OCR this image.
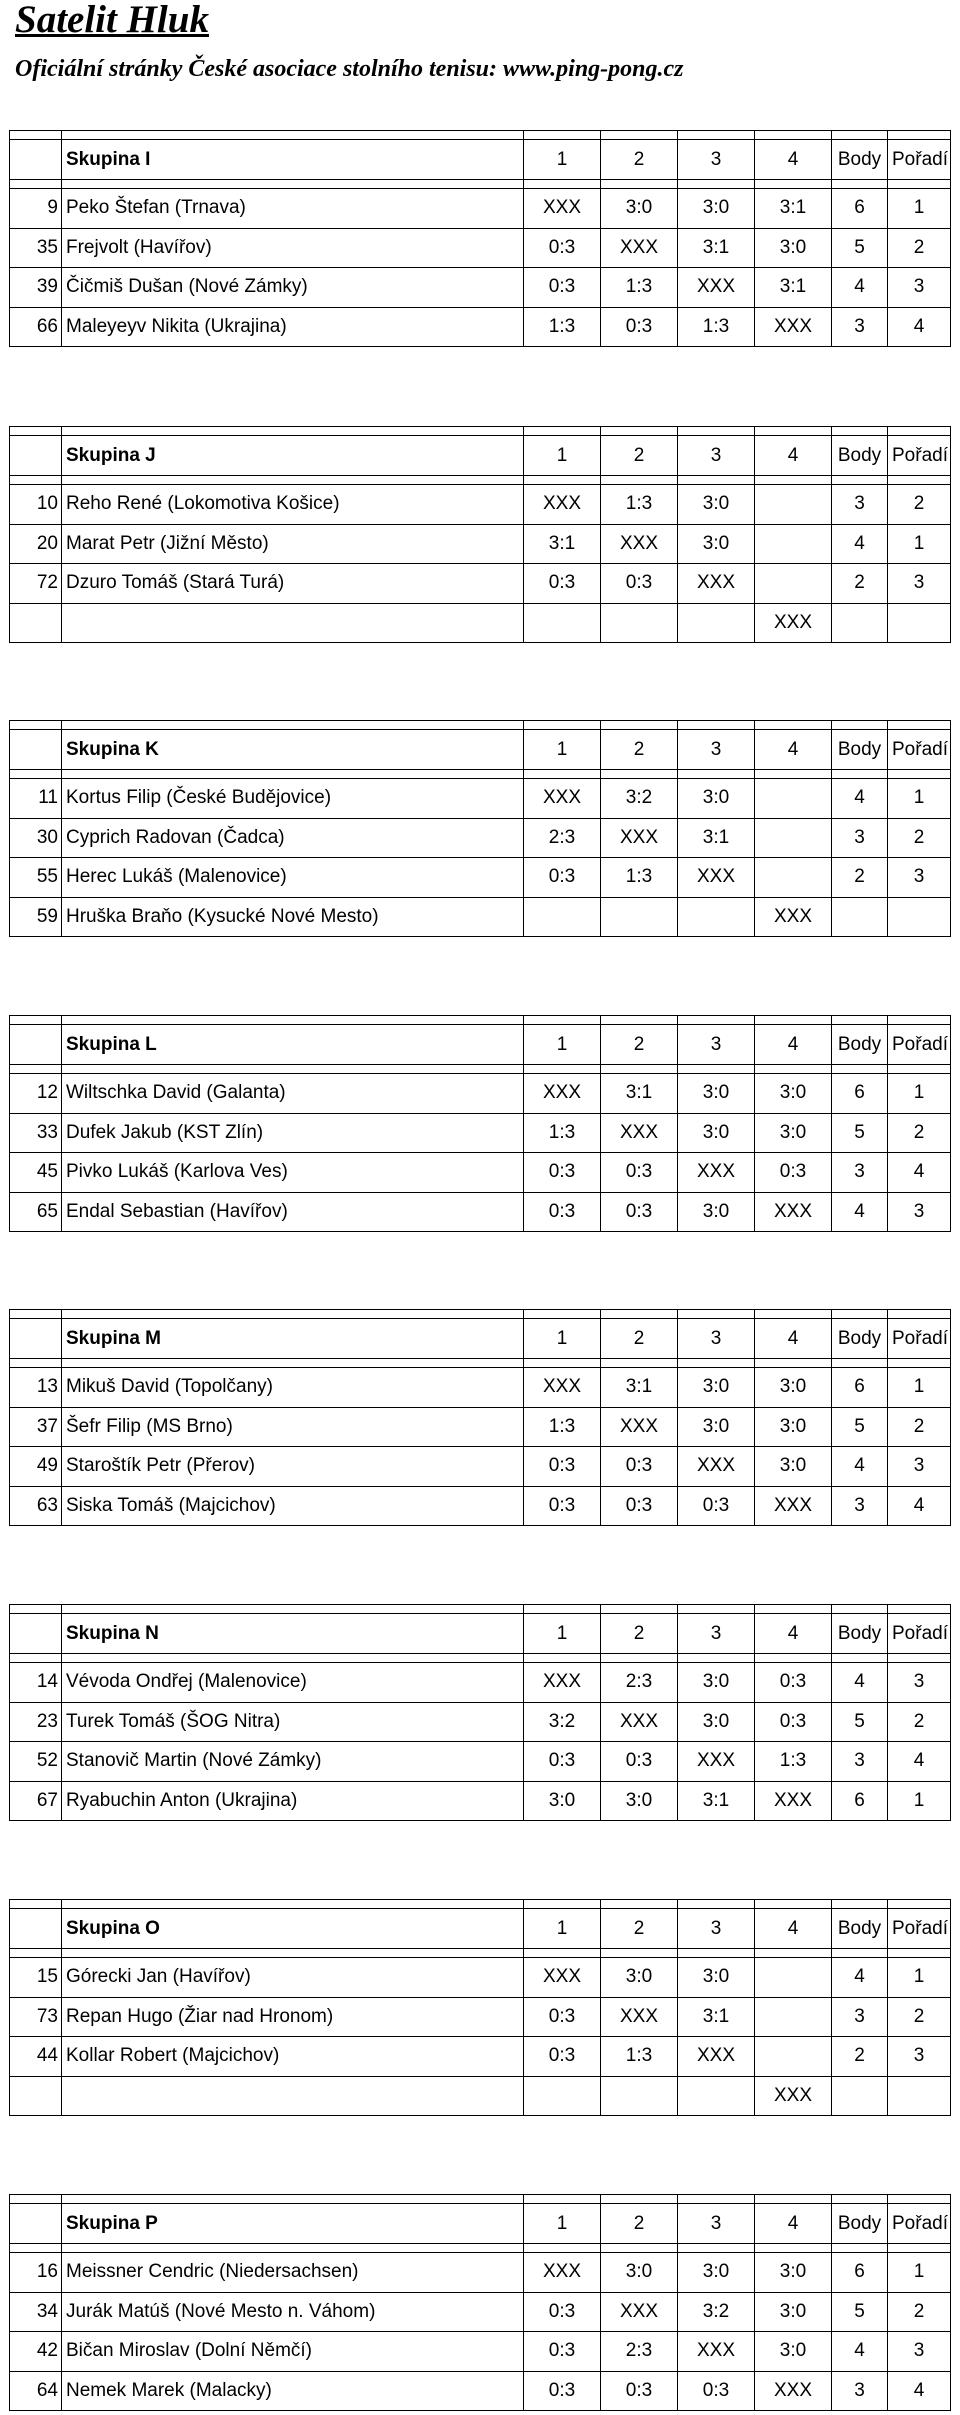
Satelit Hluk
Oficiální stránky České asociace stolního tenisu: www.ping-pong.cz

	Skupina I	1	2	3	4	Body	Pořadí

9	Peko Štefan (Trnava)	XXX	3:0	3:0	3:1	6	1
35	Frejvolt (Havířov)	0:3	XXX	3:1	3:0	5	2
39	Čičmiš Dušan (Nové Zámky)	0:3	1:3	XXX	3:1	4	3
66	Maleyeyv Nikita (Ukrajina)	1:3	0:3	1:3	XXX	3	4

	Skupina J	1	2	3	4	Body	Pořadí

10	Reho René (Lokomotiva Košice)	XXX	1:3	3:0		3	2
20	Marat Petr (Jižní Město)	3:1	XXX	3:0		4	1
72	Dzuro Tomáš (Stará Turá)	0:3	0:3	XXX		2	3
					XXX		

	Skupina K	1	2	3	4	Body	Pořadí

11	Kortus Filip (České Budějovice)	XXX	3:2	3:0		4	1
30	Cyprich Radovan (Čadca)	2:3	XXX	3:1		3	2
55	Herec Lukáš (Malenovice)	0:3	1:3	XXX		2	3
59	Hruška Braňo (Kysucké Nové Mesto)				XXX		

	Skupina L	1	2	3	4	Body	Pořadí

12	Wiltschka David (Galanta)	XXX	3:1	3:0	3:0	6	1
33	Dufek Jakub (KST Zlín)	1:3	XXX	3:0	3:0	5	2
45	Pivko Lukáš (Karlova Ves)	0:3	0:3	XXX	0:3	3	4
65	Endal Sebastian (Havířov)	0:3	0:3	3:0	XXX	4	3

	Skupina M	1	2	3	4	Body	Pořadí

13	Mikuš David (Topolčany)	XXX	3:1	3:0	3:0	6	1
37	Šefr Filip (MS Brno)	1:3	XXX	3:0	3:0	5	2
49	Staroštík Petr (Přerov)	0:3	0:3	XXX	3:0	4	3
63	Siska Tomáš (Majcichov)	0:3	0:3	0:3	XXX	3	4

	Skupina N	1	2	3	4	Body	Pořadí

14	Vévoda Ondřej (Malenovice)	XXX	2:3	3:0	0:3	4	3
23	Turek Tomáš (ŠOG Nitra)	3:2	XXX	3:0	0:3	5	2
52	Stanovič Martin (Nové Zámky)	0:3	0:3	XXX	1:3	3	4
67	Ryabuchin Anton (Ukrajina)	3:0	3:0	3:1	XXX	6	1

	Skupina O	1	2	3	4	Body	Pořadí

15	Górecki Jan (Havířov)	XXX	3:0	3:0		4	1
73	Repan Hugo (Žiar nad Hronom)	0:3	XXX	3:1		3	2
44	Kollar Robert (Majcichov)	0:3	1:3	XXX		2	3
					XXX		

	Skupina P	1	2	3	4	Body	Pořadí

16	Meissner Cendric (Niedersachsen)	XXX	3:0	3:0	3:0	6	1
34	Jurák Matúš (Nové Mesto n. Váhom)	0:3	XXX	3:2	3:0	5	2
42	Bičan Miroslav (Dolní Němčí)	0:3	2:3	XXX	3:0	4	3
64	Nemek Marek (Malacky)	0:3	0:3	0:3	XXX	3	4
